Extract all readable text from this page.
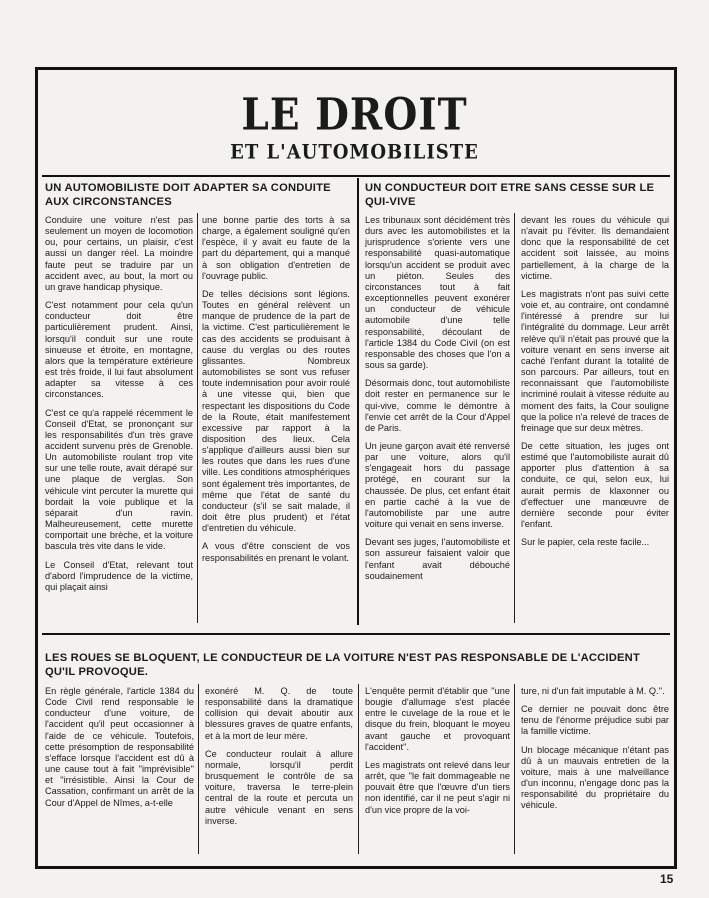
LE DROIT
ET L'AUTOMOBILISTE
UN AUTOMOBILISTE DOIT ADAPTER SA CONDUITE AUX CIRCONSTANCES

Conduire une voiture n'est pas seulement un moyen de locomotion ou, pour certains, un plaisir, c'est aussi un danger réel. La moindre faute peut se traduire par un accident avec, au bout, la mort ou un grave handicap physique.

C'est notamment pour cela qu'un conducteur doit être particulièrement prudent. Ainsi, lorsqu'il conduit sur une route sinueuse et étroite, en montagne, alors que la température extérieure est très froide, il lui faut absolument adapter sa vitesse à ces circonstances.

C'est ce qu'a rappelé récemment le Conseil d'Etat, se prononçant sur les responsabilités d'un très grave accident survenu près de Grenoble. Un automobiliste roulant trop vite sur une telle route, avait dérapé sur une plaque de verglas. Son véhicule vint percuter la murette qui bordait la voie publique et la séparait d'un ravin. Malheureusement, cette murette comportait une brèche, et la voiture bascula très vite dans le vide.

Le Conseil d'Etat, relevant tout d'abord l'imprudence de la victime, qui plaçait ainsi

une bonne partie des torts à sa charge, a également souligné qu'en l'espèce, il y avait eu faute de la part du département, qui a manqué à son obligation d'entretien de l'ouvrage public.

De telles décisions sont légions. Toutes en général relèvent un manque de prudence de la part de la victime. C'est particulièrement le cas des accidents se produisant à cause du verglas ou des routes glissantes. Nombreux automobilistes se sont vus refuser toute indemnisation pour avoir roulé à une vitesse qui, bien que respectant les dispositions du Code de la Route, était manifestement excessive par rapport à la disposition des lieux. Cela s'applique d'ailleurs aussi bien sur les routes que dans les rues d'une ville. Les conditions atmosphériques sont également très importantes, de même que l'état de santé du conducteur (s'il se sait malade, il doit être plus prudent) et l'état d'entretien du véhicule.

A vous d'être conscient de vos responsabilités en prenant le volant.

UN CONDUCTEUR DOIT ETRE SANS CESSE SUR LE QUI-VIVE

Les tribunaux sont décidément très durs avec les automobilistes et la jurisprudence s'oriente vers une responsabilité quasi-automatique lorsqu'un accident se produit avec un piéton. Seules des circonstances tout à fait exceptionnelles peuvent exonérer un conducteur de véhicule automobile d'une telle responsabilité, découlant de l'article 1384 du Code Civil (on est responsable des choses que l'on a sous sa garde).

Désormais donc, tout automobiliste doit rester en permanence sur le qui-vive, comme le démontre à l'envie cet arrêt de la Cour d'Appel de Paris.

Un jeune garçon avait été renversé par une voiture, alors qu'il s'engageait hors du passage protégé, en courant sur la chaussée. De plus, cet enfant était en partie caché à la vue de l'automobiliste par une autre voiture qui venait en sens inverse.

Devant ses juges, l'automobiliste et son assureur faisaient valoir que l'enfant avait débouché soudainement

devant les roues du véhicule qui n'avait pu l'éviter. Ils demandaient donc que la responsabilité de cet accident soit laissée, au moins partiellement, à la charge de la victime.

Les magistrats n'ont pas suivi cette voie et, au contraire, ont condamné l'intéressé à prendre sur lui l'intégralité du dommage. Leur arrêt relève qu'il n'était pas prouvé que la voiture venant en sens inverse ait caché l'enfant durant la totalité de son parcours. Par ailleurs, tout en reconnaissant que l'automobiliste incriminé roulait à vitesse réduite au moment des faits, la Cour souligne que la police n'a relevé de traces de freinage que sur deux mètres.

De cette situation, les juges ont estimé que l'automobiliste aurait dû apporter plus d'attention à sa conduite, ce qui, selon eux, lui aurait permis de klaxonner ou d'effectuer une manœuvre de dernière seconde pour éviter l'enfant.

Sur le papier, cela reste facile...

LES ROUES SE BLOQUENT, LE CONDUCTEUR DE LA VOITURE N'EST PAS RESPONSABLE DE L'ACCIDENT QU'IL PROVOQUE.

En règle générale, l'article 1384 du Code Civil rend responsable le conducteur d'une voiture, de l'accident qu'il peut occasionner à l'aide de ce véhicule. Toutefois, cette présomption de responsabilité s'efface lorsque l'accident est dû à une cause tout à fait ''imprévisible'' et ''irrésistible. Ainsi la Cour de Cassation, confirmant un arrêt de la Cour d'Appel de Nîmes, a-t-elle

exonéré M. Q. de toute responsabilité dans la dramatique collision qui devait aboutir aux blessures graves de quatre enfants, et à la mort de leur mère.

Ce conducteur roulait à allure normale, lorsqu'il perdit brusquement le contrôle de sa voiture, traversa le terre-plein central de la route et percuta un autre véhicule venant en sens inverse.

L'enquête permit d'établir que ''une bougie d'allumage s'est placée entre le cuvelage de la roue et le disque du frein, bloquant le moyeu avant gauche et provoquant l'accident''.

Les magistrats ont relevé dans leur arrêt, que ''le fait dommageable ne pouvait être que l'œuvre d'un tiers non identifié, car il ne peut s'agir ni d'un vice propre de la voi-

ture, ni d'un fait imputable à M. Q.''.

Ce dernier ne pouvait donc être tenu de l'énorme préjudice subi par la famille victime.

Un blocage mécanique n'étant pas dû à un mauvais entretien de la voiture, mais à une malveillance d'un inconnu, n'engage donc pas la responsabilité du propriétaire du véhicule.

15
